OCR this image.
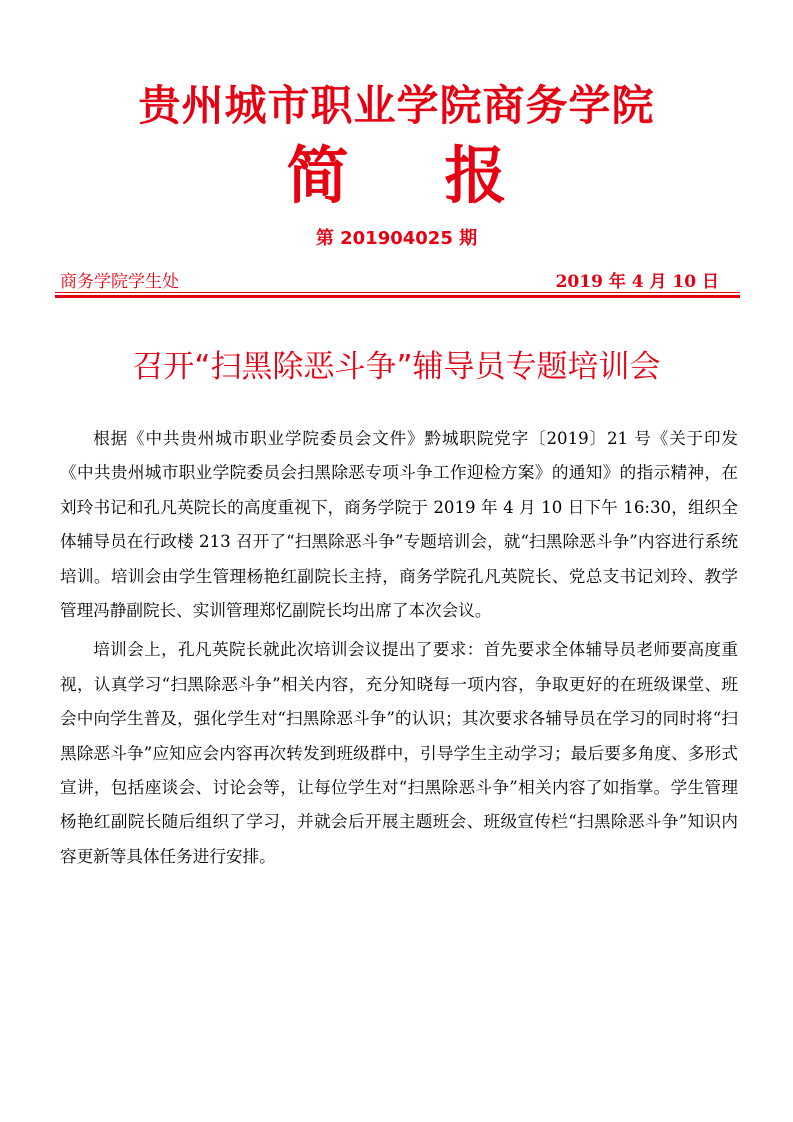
贵州城市职业学院商务学院
简 报
第 201904025 期
商务学院学生处	2019 年 4 月 10 日
召开“扫黑除恶斗争”辅导员专题培训会

根据《中共贵州城市职业学院委员会文件》黔城职院党字〔2019〕21 号《关于印发《中共贵州城市职业学院委员会扫黑除恶专项斗争工作迎检方案》的通知》的指示精神，在刘玲书记和孔凡英院长的高度重视下，商务学院于 2019 年 4 月 10 日下午 16:30，组织全体辅导员在行政楼 213 召开了“扫黑除恶斗争”专题培训会，就“扫黑除恶斗争”内容进行系统培训。培训会由学生管理杨艳红副院长主持，商务学院孔凡英院长、党总支书记刘玲、教学管理冯静副院长、实训管理郑忆副院长均出席了本次会议。

培训会上，孔凡英院长就此次培训会议提出了要求：首先要求全体辅导员老师要高度重视，认真学习“扫黑除恶斗争”相关内容，充分知晓每一项内容，争取更好的在班级课堂、班会中向学生普及，强化学生对“扫黑除恶斗争”的认识；其次要求各辅导员在学习的同时将“扫黑除恶斗争”应知应会内容再次转发到班级群中，引导学生主动学习；最后要多角度、多形式宣讲，包括座谈会、讨论会等，让每位学生对“扫黑除恶斗争”相关内容了如指掌。学生管理杨艳红副院长随后组织了学习，并就会后开展主题班会、班级宣传栏“扫黑除恶斗争”知识内容更新等具体任务进行安排。
